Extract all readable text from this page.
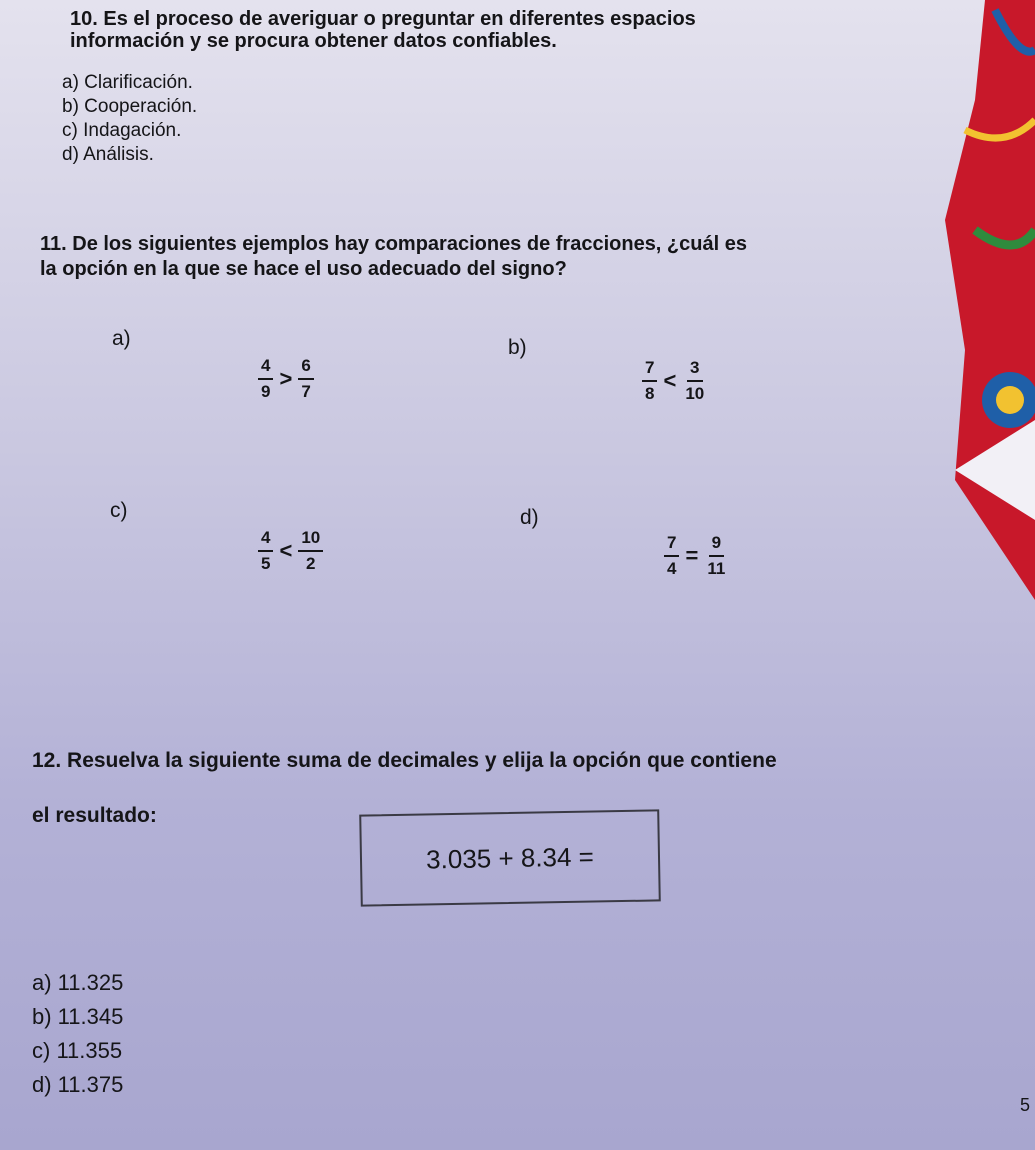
10. Es el proceso de averiguar o preguntar en diferentes espacios
información y se procura obtener datos confiables.
a) Clarificación.
b) Cooperación.
c) Indagación.
d) Análisis.
11. De los siguientes ejemplos hay comparaciones de fracciones, ¿cuál es
la opción en la que se hace el uso adecuado del signo?
a)
$\frac{4}{9} > \frac{6}{7}$
b)
$\frac{7}{8} < \frac{3}{10}$
c)
$\frac{4}{5} < \frac{10}{2}$
d)
$\frac{7}{4} = \frac{9}{11}$
12. Resuelva la siguiente suma de decimales y elija la opción que contiene
el resultado:
3.035 + 8.34 =
a) 11.325
b) 11.345
c) 11.355
d) 11.375
5
